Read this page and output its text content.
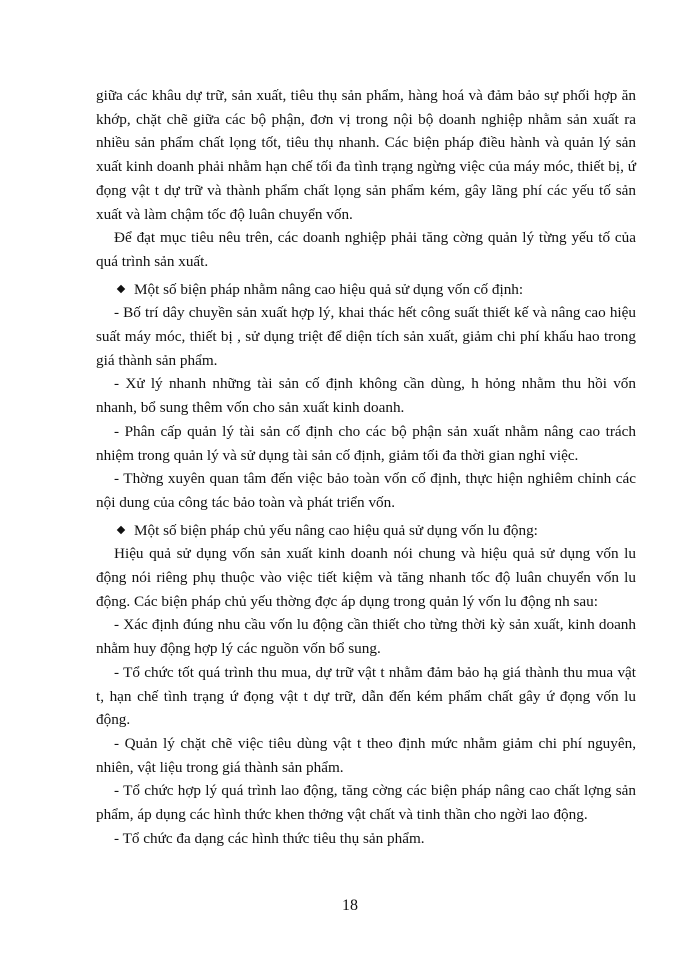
giữa các khâu dự trữ, sản xuất, tiêu thụ sản phẩm, hàng hoá và đảm bảo sự phối hợp ăn khớp, chặt chẽ giữa các bộ phận, đơn vị trong nội bộ doanh nghiệp nhằm sản xuất ra nhiều sản phẩm chất lọng tốt, tiêu thụ nhanh. Các biện pháp điều hành và quản lý sản xuất kinh doanh phải nhằm hạn chế tối đa tình trạng ngừng việc của máy móc, thiết bị, ứ đọng vật t dự trữ và thành phẩm chất lọng sản phẩm kém, gây lãng phí các yếu tố sản xuất và làm chậm tốc độ luân chuyển vốn.

Để đạt mục tiêu nêu trên, các doanh nghiệp phải tăng cờng quản lý từng yếu tố của quá trình sản xuất.

Một số biện pháp nhằm nâng cao hiệu quả sử dụng vốn cố định:

- Bố trí dây chuyền sản xuất hợp lý, khai thác hết công suất thiết kế và nâng cao hiệu suất máy móc, thiết bị , sử dụng triệt để diện tích sản xuất, giảm chi phí khấu hao trong giá thành sản phẩm.

- Xử lý nhanh những tài sản cố định không cần dùng, h hỏng nhằm thu hồi vốn nhanh, bổ sung thêm vốn cho sản xuất kinh doanh.

- Phân cấp quản lý tài sản cố định cho các bộ phận sản xuất nhằm nâng cao trách nhiệm trong quản lý và sử dụng tài sản cố định, giảm tối đa thời gian nghỉ việc.

- Thờng xuyên quan tâm đến việc bảo toàn vốn cố định, thực hiện nghiêm chỉnh các nội dung của công tác bảo toàn và phát triển vốn.

Một số biện pháp chủ yếu nâng cao hiệu quả sử dụng vốn lu động:

Hiệu quả sử dụng vốn sản xuất kinh doanh nói chung và hiệu quả sử dụng vốn lu động nói riêng phụ thuộc vào việc tiết kiệm và tăng nhanh tốc độ luân chuyển vốn lu động. Các biện pháp chủ yếu thờng đợc áp dụng trong quản lý vốn lu động nh sau:

- Xác định đúng nhu cầu vốn lu động cần thiết cho từng thời kỳ sản xuất, kinh doanh nhằm huy động hợp lý các nguồn vốn bổ sung.

- Tổ chức tốt quá trình thu mua, dự trữ vật t nhằm đảm bảo hạ giá thành thu mua vật t, hạn chế tình trạng ứ đọng vật t dự trữ, dẫn đến kém phẩm chất gây ứ đọng vốn lu động.

- Quản lý chặt chẽ việc tiêu dùng vật t theo định mức nhằm giảm chi phí nguyên, nhiên, vật liệu trong giá thành sản phẩm.

- Tổ chức hợp lý quá trình lao động, tăng cờng các biện pháp nâng cao chất lợng sản phẩm, áp dụng các hình thức khen thởng vật chất và tinh thần cho ngời lao động.

- Tổ chức đa dạng các hình thức tiêu thụ sản phẩm.

18
